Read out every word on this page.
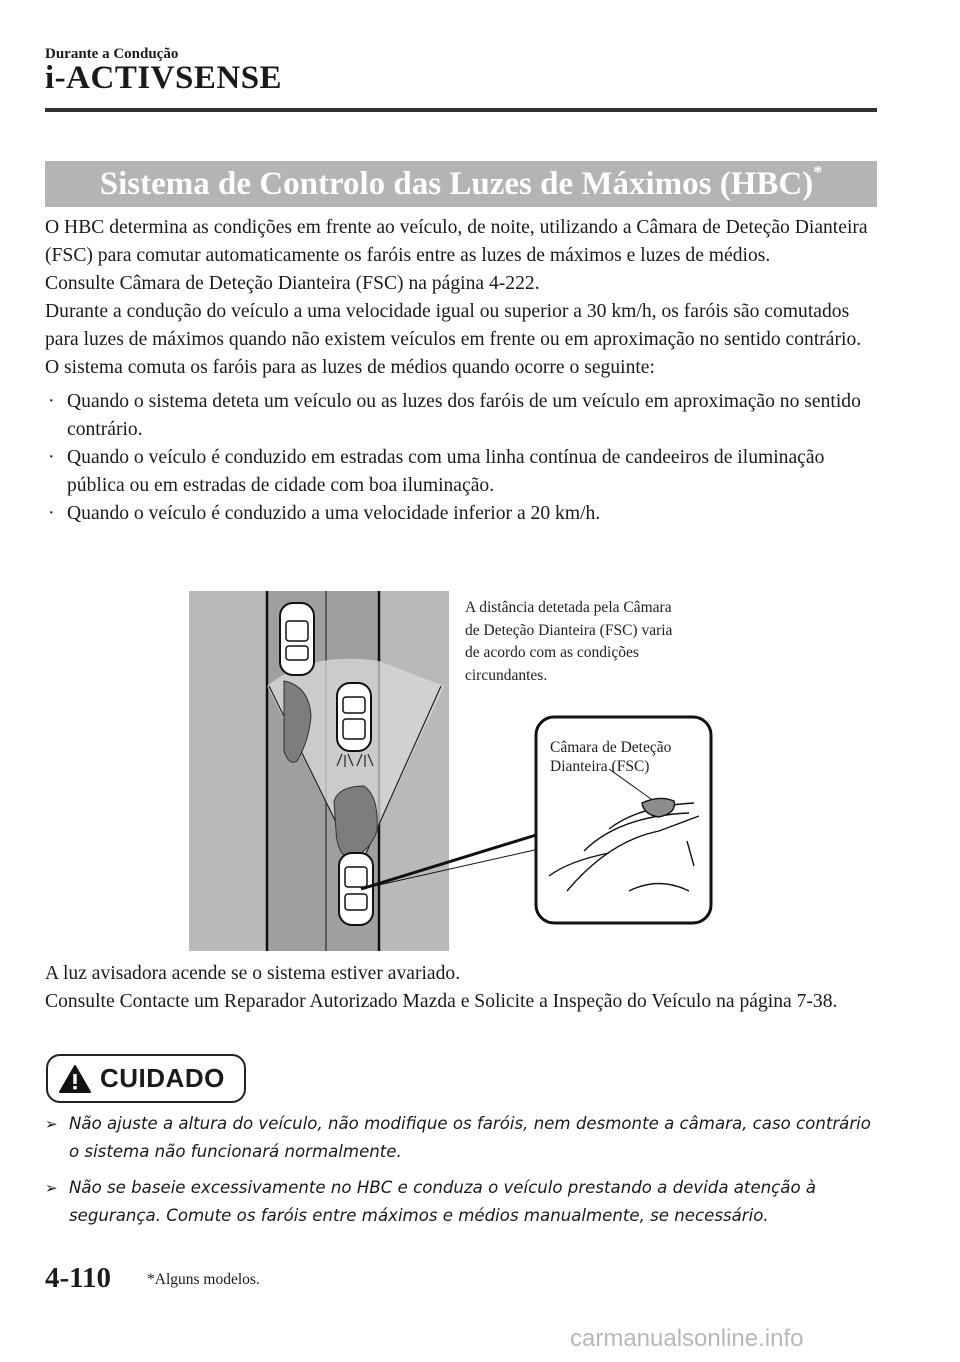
Durante a Condução
i-ACTIVSENSE
Sistema de Controlo das Luzes de Máximos (HBC)*

O HBC determina as condições em frente ao veículo, de noite, utilizando a Câmara de Deteção Dianteira (FSC) para comutar automaticamente os faróis entre as luzes de máximos e luzes de médios.

Consulte Câmara de Deteção Dianteira (FSC) na página 4-222.

Durante a condução do veículo a uma velocidade igual ou superior a 30 km/h, os faróis são comutados para luzes de máximos quando não existem veículos em frente ou em aproximação no sentido contrário.

O sistema comuta os faróis para as luzes de médios quando ocorre o seguinte:

· Quando o sistema deteta um veículo ou as luzes dos faróis de um veículo em aproximação no sentido contrário.
· Quando o veículo é conduzido em estradas com uma linha contínua de candeeiros de iluminação pública ou em estradas de cidade com boa iluminação.
· Quando o veículo é conduzido a uma velocidade inferior a 20 km/h.

A distância detetada pela Câmara

de Deteção Dianteira (FSC) varia

de acordo com as condições

circundantes.

Câmara de Deteção
Dianteira (FSC)

A luz avisadora acende se o sistema estiver avariado.

Consulte Contacte um Reparador Autorizado Mazda e Solicite a Inspeção do Veículo na página 7-38.

CUIDADO
➢ Não ajuste a altura do veículo, não modifique os faróis, nem desmonte a câmara, caso contrário o sistema não funcionará normalmente.
➢ Não se baseie excessivamente no HBC e conduza o veículo prestando a devida atenção à segurança. Comute os faróis entre máximos e médios manualmente, se necessário.
4-110 *Alguns modelos.
carmanualsonline.info
